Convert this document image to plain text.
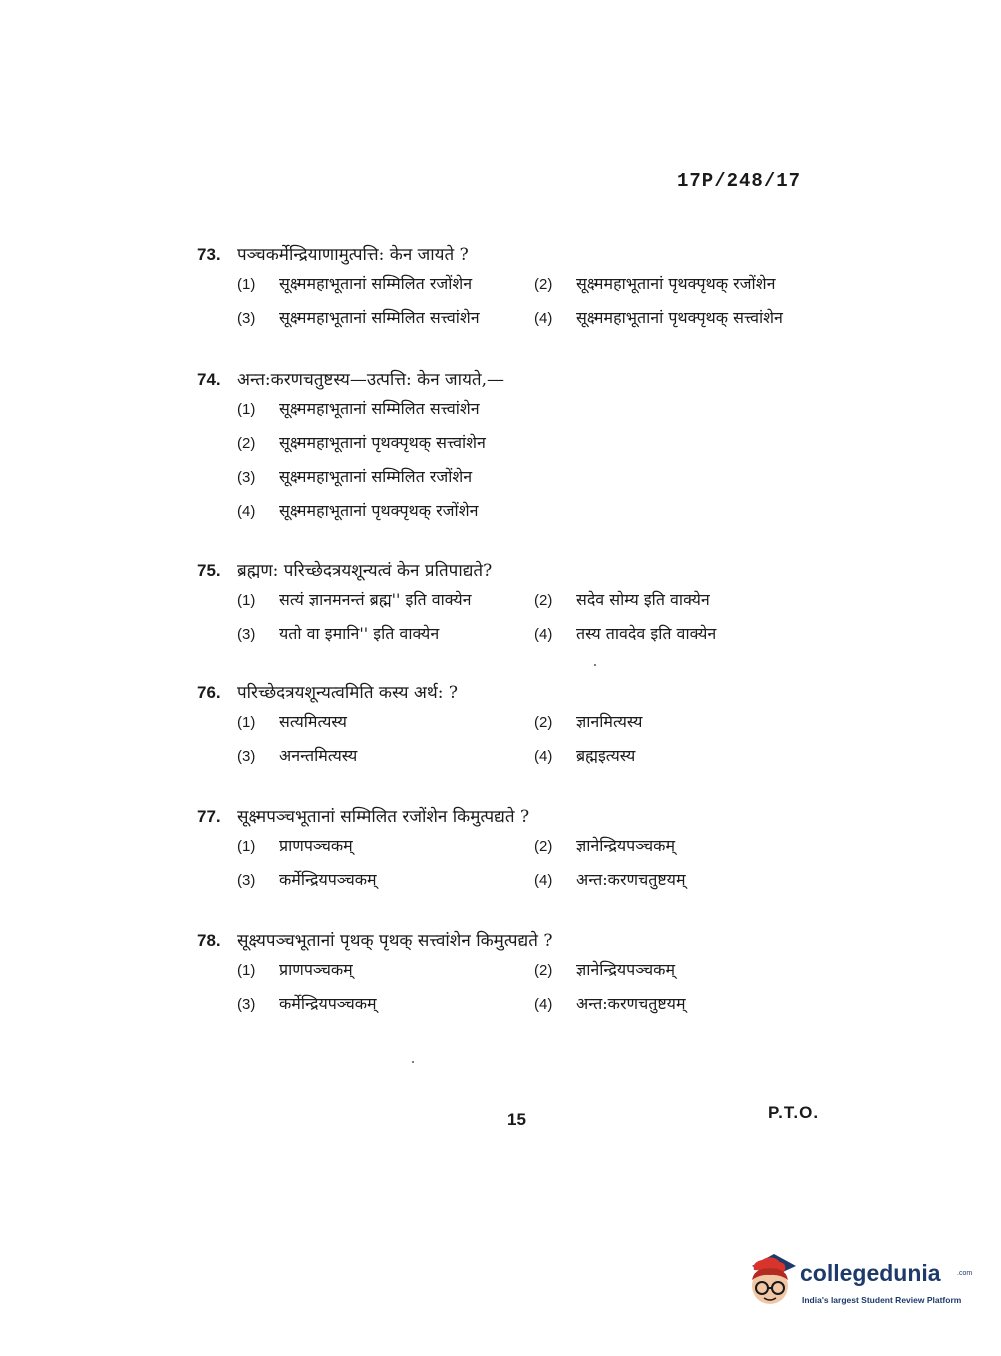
17P/248/17
73. पञ्चकर्मेन्द्रियाणामुत्पत्ति: केन जायते ?
(1)	सूक्ष्ममहाभूतानां सम्मिलित रजोंशेन	(2)	सूक्ष्ममहाभूतानां पृथक्पृथक् रजोंशेन
(3)	सूक्ष्ममहाभूतानां सम्मिलित सत्त्वांशेन	(4)	सूक्ष्ममहाभूतानां पृथक्पृथक् सत्त्वांशेन
74. अन्त:करणचतुष्टस्य—उत्पत्ति: केन जायते,—
(1)	सूक्ष्ममहाभूतानां सम्मिलित सत्त्वांशेन
(2)	सूक्ष्ममहाभूतानां पृथक्पृथक् सत्त्वांशेन
(3)	सूक्ष्ममहाभूतानां सम्मिलित रजोंशेन
(4)	सूक्ष्ममहाभूतानां पृथक्पृथक् रजोंशेन
75. ब्रह्मण: परिच्छेदत्रयशून्यत्वं केन प्रतिपाद्यते?
(1)	सत्यं ज्ञानमनन्तं ब्रह्म'' इति वाक्येन	(2)	सदेव सोम्य इति वाक्येन
(3)	यतो वा इमानि'' इति वाक्येन	(4)	तस्य तावदेव इति वाक्येन
76. परिच्छेदत्रयशून्यत्वमिति कस्य अर्थ: ?
(1)	सत्यमित्यस्य	(2)	ज्ञानमित्यस्य
(3)	अनन्तमित्यस्य	(4)	ब्रह्मइत्यस्य
77. सूक्ष्मपञ्चभूतानां सम्मिलित रजोंशेन किमुत्पद्यते ?
(1)	प्राणपञ्चकम्	(2)	ज्ञानेन्द्रियपञ्चकम्
(3)	कर्मेन्द्रियपञ्चकम्	(4)	अन्त:करणचतुष्टयम्
78. सूक्ष्यपञ्चभूतानां पृथक् पृथक् सत्त्वांशेन किमुत्पद्यते ?
(1)	प्राणपञ्चकम्	(2)	ज्ञानेन्द्रियपञ्चकम्
(3)	कर्मेन्द्रियपञ्चकम्	(4)	अन्त:करणचतुष्टयम्
15	P.T.O.
collegedunia .com
India's largest Student Review Platform
